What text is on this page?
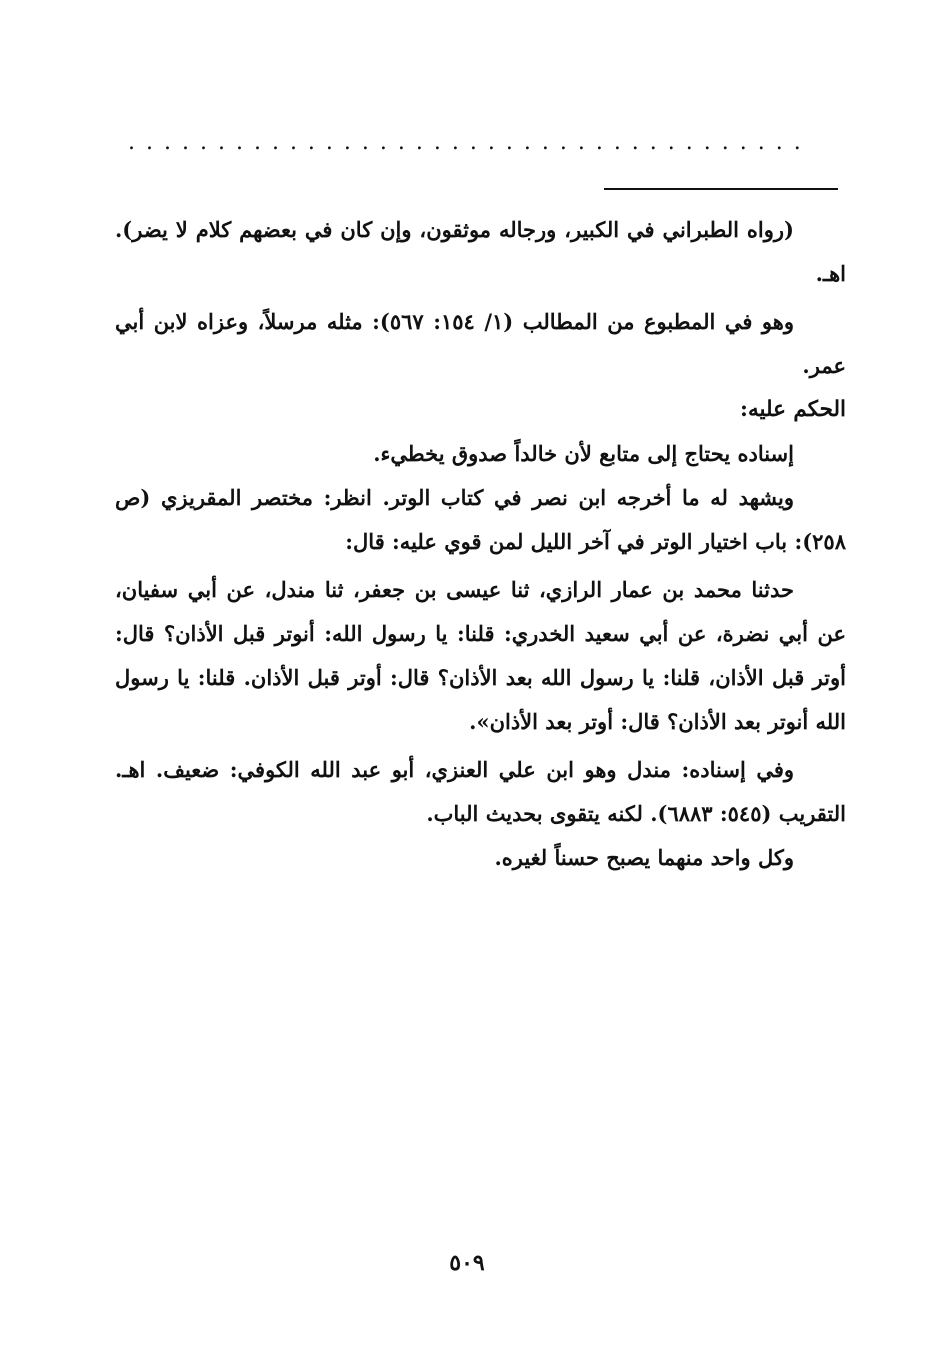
......................................

(رواه الطبراني في الكبير، ورجاله موثقون، وإن كان في بعضهم كلام لا يضر). اهـ.

وهو في المطبوع من المطالب (١/ ١٥٤: ٥٦٧): مثله مرسلاً، وعزاه لابن أبي عمر.

الحكم عليه:

إسناده يحتاج إلى متابع لأن خالداً صدوق يخطيء.

ويشهد له ما أخرجه ابن نصر في كتاب الوتر. انظر: مختصر المقريزي (ص ٢٥٨): باب اختيار الوتر في آخر الليل لمن قوي عليه: قال:

حدثنا محمد بن عمار الرازي، ثنا عيسى بن جعفر، ثنا مندل، عن أبي سفيان، عن أبي نضرة، عن أبي سعيد الخدري: قلنا: يا رسول الله: أنوتر قبل الأذان؟ قال: أوتر قبل الأذان، قلنا: يا رسول الله بعد الأذان؟ قال: أوتر قبل الأذان. قلنا: يا رسول الله أنوتر بعد الأذان؟ قال: أوتر بعد الأذان».

وفي إسناده: مندل وهو ابن علي العنزي، أبو عبد الله الكوفي: ضعيف. اهـ. التقريب (٥٤٥: ٦٨٨٣). لكنه يتقوى بحديث الباب.

وكل واحد منهما يصبح حسناً لغيره.

٥٠٩
